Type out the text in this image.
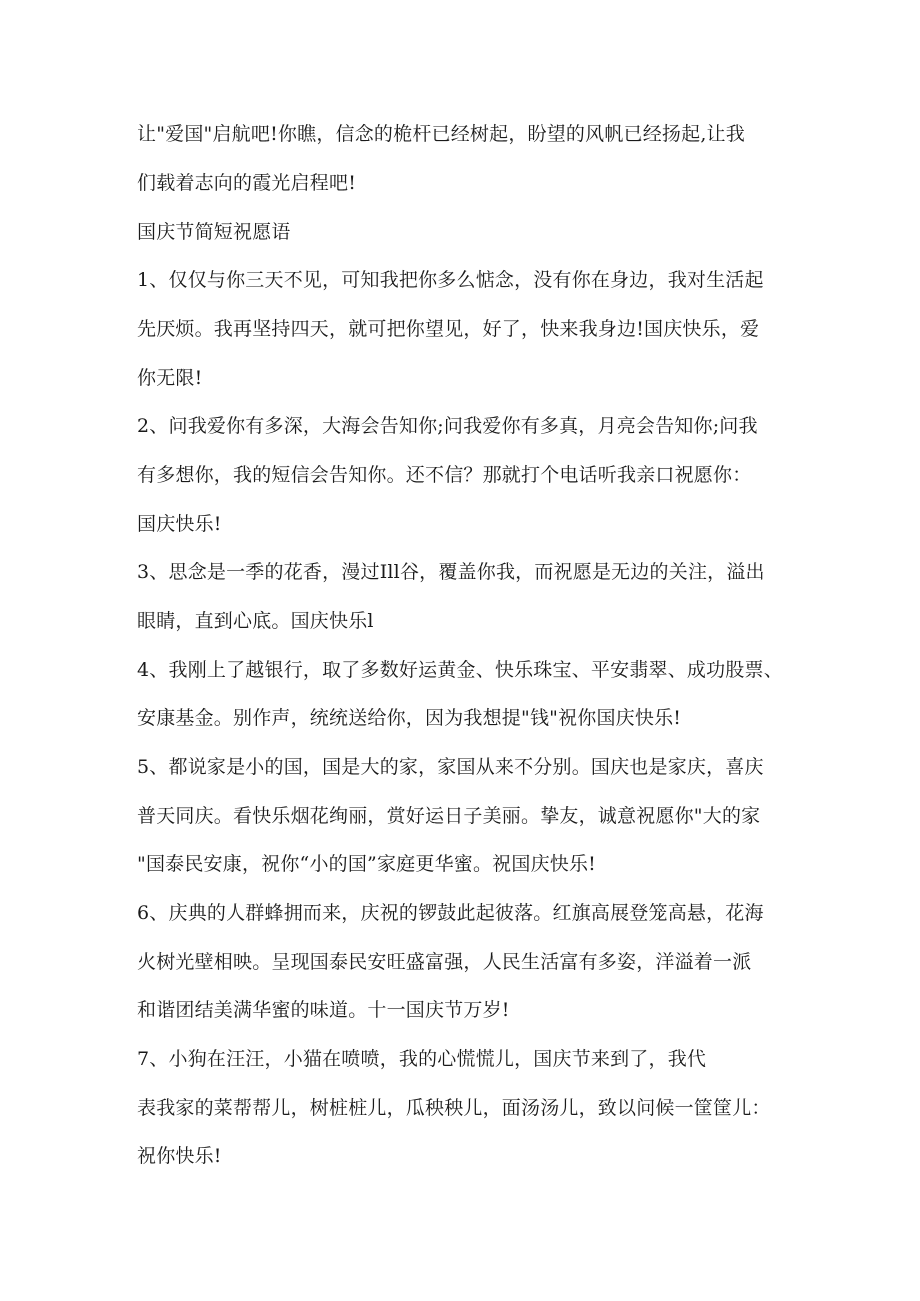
让"爱国"启航吧!你瞧，信念的桅杆已经树起，盼望的风帆已经扬起,让我
们载着志向的霞光启程吧!
国庆节简短祝愿语
1、仅仅与你三天不见，可知我把你多么惦念，没有你在身边，我对生活起
先厌烦。我再坚持四天，就可把你望见，好了，快来我身边!国庆快乐，爱
你无限!
2、问我爱你有多深，大海会告知你;问我爱你有多真，月亮会告知你;问我
有多想你，我的短信会告知你。还不信？那就打个电话听我亲口祝愿你：
国庆快乐!
3、思念是一季的花香，漫过Ill谷，覆盖你我，而祝愿是无边的关注，溢出
眼睛，直到心底。国庆快乐l
4、我刚上了越银行，取了多数好运黄金、快乐珠宝、平安翡翠、成功股票、
安康基金。别作声，统统送给你，因为我想提"钱"祝你国庆快乐!
5、都说家是小的国，国是大的家，家国从来不分别。国庆也是家庆，喜庆
普天同庆。看快乐烟花绚丽，赏好运日子美丽。挚友，诚意祝愿你"大的家
"国泰民安康，祝你“小的国”家庭更华蜜。祝国庆快乐!
6、庆典的人群蜂拥而来，庆祝的锣鼓此起彼落。红旗高展登笼高悬，花海
火树光壁相映。呈现国泰民安旺盛富强，人民生活富有多姿，洋溢着一派
和谐团结美满华蜜的味道。十一国庆节万岁!
7、小狗在汪汪，小猫在喷喷，我的心慌慌儿，国庆节来到了，我代
表我家的菜帮帮儿，树桩桩儿，瓜秧秧儿，面汤汤儿，致以问候一筐筐儿：
祝你快乐!
